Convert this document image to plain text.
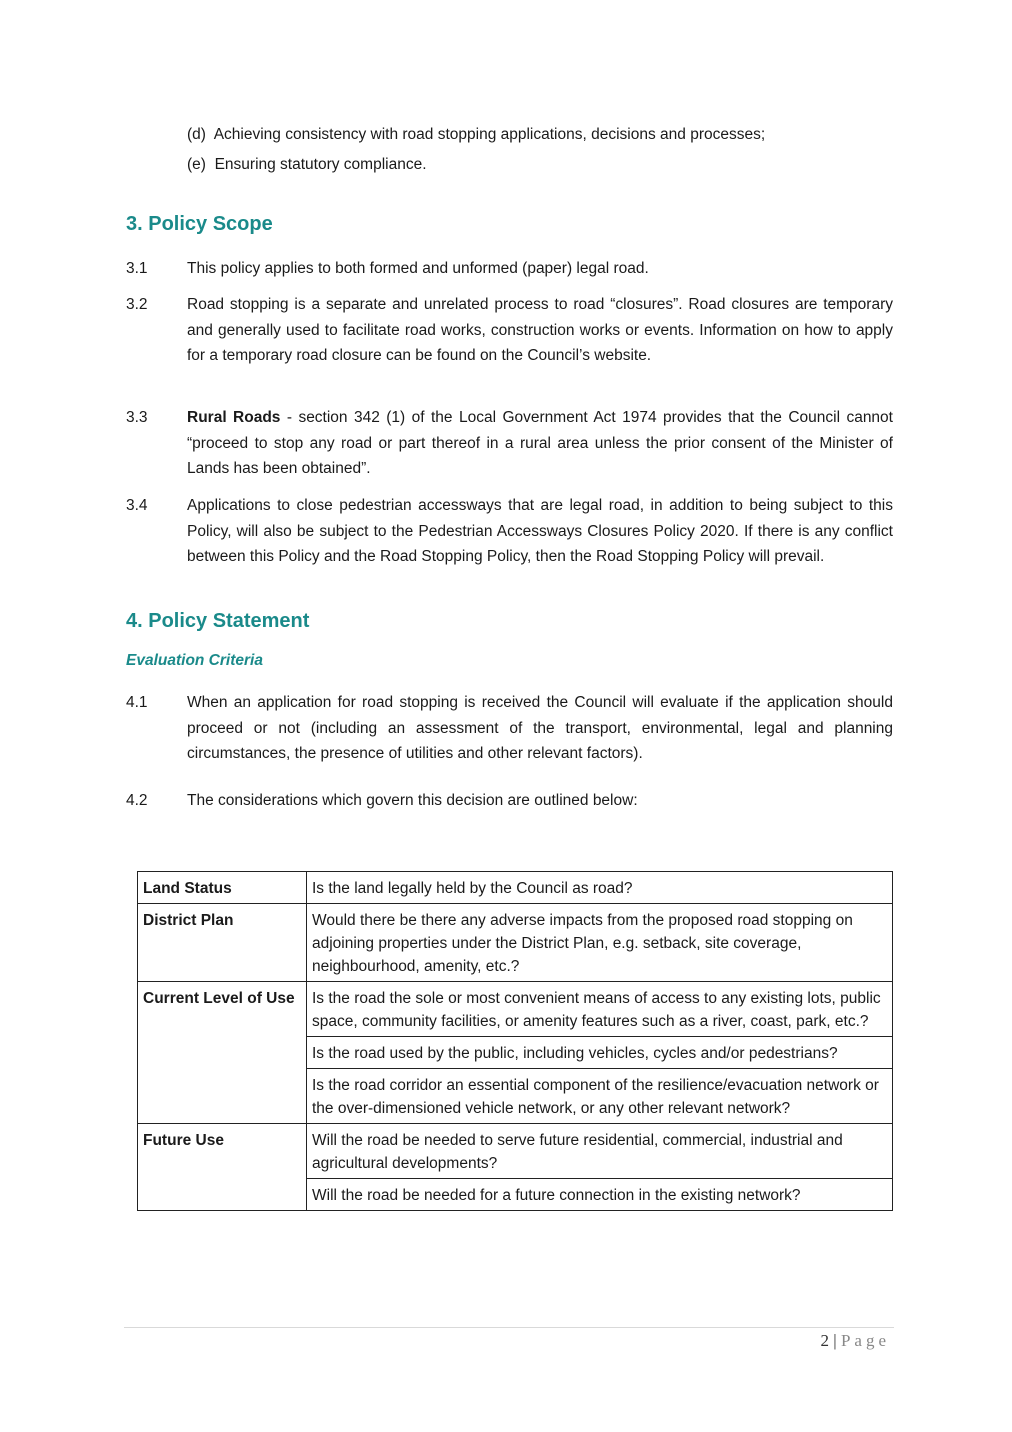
(d) Achieving consistency with road stopping applications, decisions and processes;
(e) Ensuring statutory compliance.
3. Policy Scope
3.1	This policy applies to both formed and unformed (paper) legal road.
3.2	Road stopping is a separate and unrelated process to road “closures”. Road closures are temporary and generally used to facilitate road works, construction works or events. Information on how to apply for a temporary road closure can be found on the Council’s website.
3.3	Rural Roads - section 342 (1) of the Local Government Act 1974 provides that the Council cannot “proceed to stop any road or part thereof in a rural area unless the prior consent of the Minister of Lands has been obtained”.
3.4	Applications to close pedestrian accessways that are legal road, in addition to being subject to this Policy, will also be subject to the Pedestrian Accessways Closures Policy 2020. If there is any conflict between this Policy and the Road Stopping Policy, then the Road Stopping Policy will prevail.
4. Policy Statement
Evaluation Criteria
4.1	When an application for road stopping is received the Council will evaluate if the application should proceed or not (including an assessment of the transport, environmental, legal and planning circumstances, the presence of utilities and other relevant factors).
4.2	The considerations which govern this decision are outlined below:
Land Status	Is the land legally held by the Council as road?
District Plan	Would there be there any adverse impacts from the proposed road stopping on adjoining properties under the District Plan, e.g. setback, site coverage, neighbourhood, amenity, etc.?
Current Level of Use	Is the road the sole or most convenient means of access to any existing lots, public space, community facilities, or amenity features such as a river, coast, park, etc.?
	Is the road used by the public, including vehicles, cycles and/or pedestrians?
	Is the road corridor an essential component of the resilience/evacuation network or the over-dimensioned vehicle network, or any other relevant network?
Future Use	Will the road be needed to serve future residential, commercial, industrial and agricultural developments?
	Will the road be needed for a future connection in the existing network?
2 | Page
